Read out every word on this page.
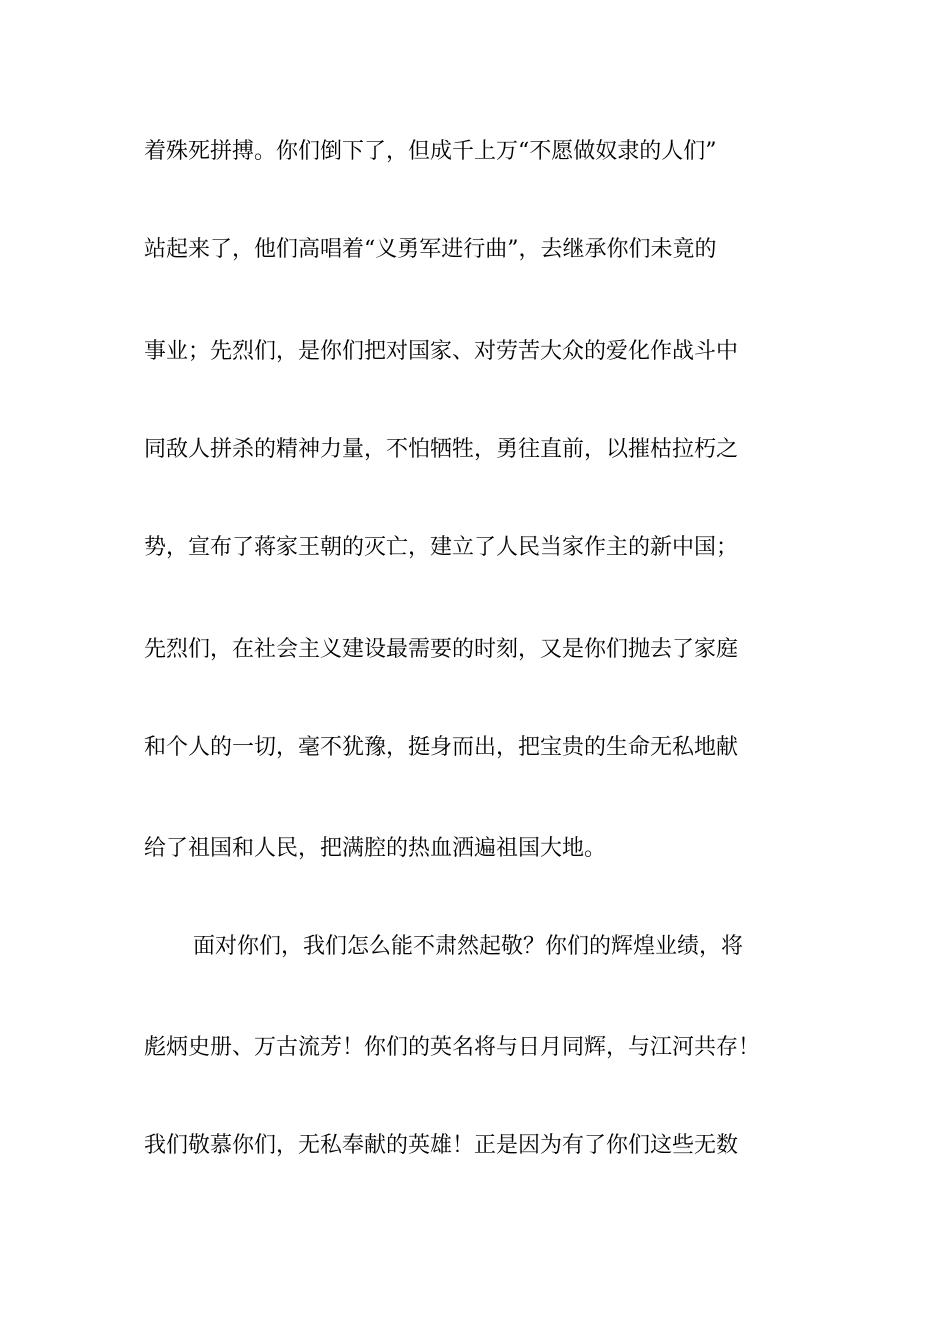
着殊死拼搏。你们倒下了，但成千上万“不愿做奴隶的人们”
站起来了，他们高唱着“义勇军进行曲”，去继承你们未竟的
事业；先烈们，是你们把对国家、对劳苦大众的爱化作战斗中
同敌人拼杀的精神力量，不怕牺牲，勇往直前，以摧枯拉朽之
势，宣布了蒋家王朝的灭亡，建立了人民当家作主的新中国；
先烈们，在社会主义建设最需要的时刻，又是你们抛去了家庭
和个人的一切，毫不犹豫，挺身而出，把宝贵的生命无私地献
给了祖国和人民，把满腔的热血洒遍祖国大地。
面对你们，我们怎么能不肃然起敬？你们的辉煌业绩，将
彪炳史册、万古流芳！你们的英名将与日月同辉，与江河共存！
我们敬慕你们，无私奉献的英雄！正是因为有了你们这些无数
